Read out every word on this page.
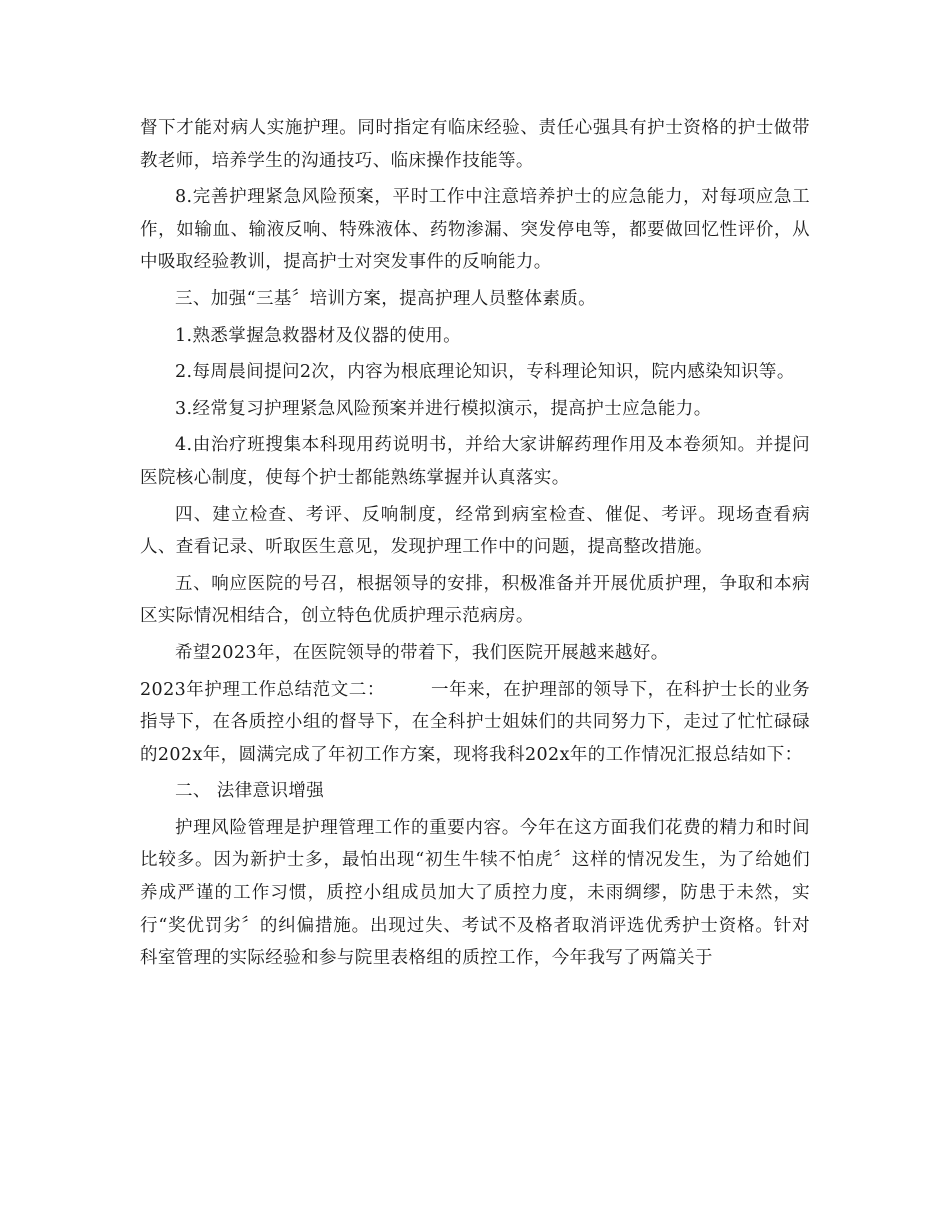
督下才能对病人实施护理。同时指定有临床经验、责任心强具有护士资格的护士做带教老师，培养学生的沟通技巧、临床操作技能等。

8.完善护理紧急风险预案，平时工作中注意培养护士的应急能力，对每项应急工作，如输血、输液反响、特殊液体、药物渗漏、突发停电等，都要做回忆性评价，从中吸取经验教训，提高护士对突发事件的反响能力。

三、加强“三基〞培训方案，提高护理人员整体素质。

1.熟悉掌握急救器材及仪器的使用。

2.每周晨间提问2次，内容为根底理论知识，专科理论知识，院内感染知识等。

3.经常复习护理紧急风险预案并进行模拟演示，提高护士应急能力。

4.由治疗班搜集本科现用药说明书，并给大家讲解药理作用及本卷须知。并提问医院核心制度，使每个护士都能熟练掌握并认真落实。

四、建立检查、考评、反响制度，经常到病室检查、催促、考评。现场查看病人、查看记录、听取医生意见，发现护理工作中的问题，提高整改措施。

五、响应医院的号召，根据领导的安排，积极准备并开展优质护理，争取和本病区实际情况相结合，创立特色优质护理示范病房。

希望2023年，在医院领导的带着下，我们医院开展越来越好。

2023年护理工作总结范文二：	一年来，在护理部的领导下，在科护士长的业务指导下，在各质控小组的督导下，在全科护士姐妹们的共同努力下，走过了忙忙碌碌的202x年，圆满完成了年初工作方案，现将我科202x年的工作情况汇报总结如下：

二、 法律意识增强

护理风险管理是护理管理工作的重要内容。今年在这方面我们花费的精力和时间比较多。因为新护士多，最怕出现“初生牛犊不怕虎〞这样的情况发生，为了给她们养成严谨的工作习惯，质控小组成员加大了质控力度，未雨绸缪，防患于未然，实行“奖优罚劣〞的纠偏措施。出现过失、考试不及格者取消评选优秀护士资格。针对科室管理的实际经验和参与院里表格组的质控工作，今年我写了两篇关于
